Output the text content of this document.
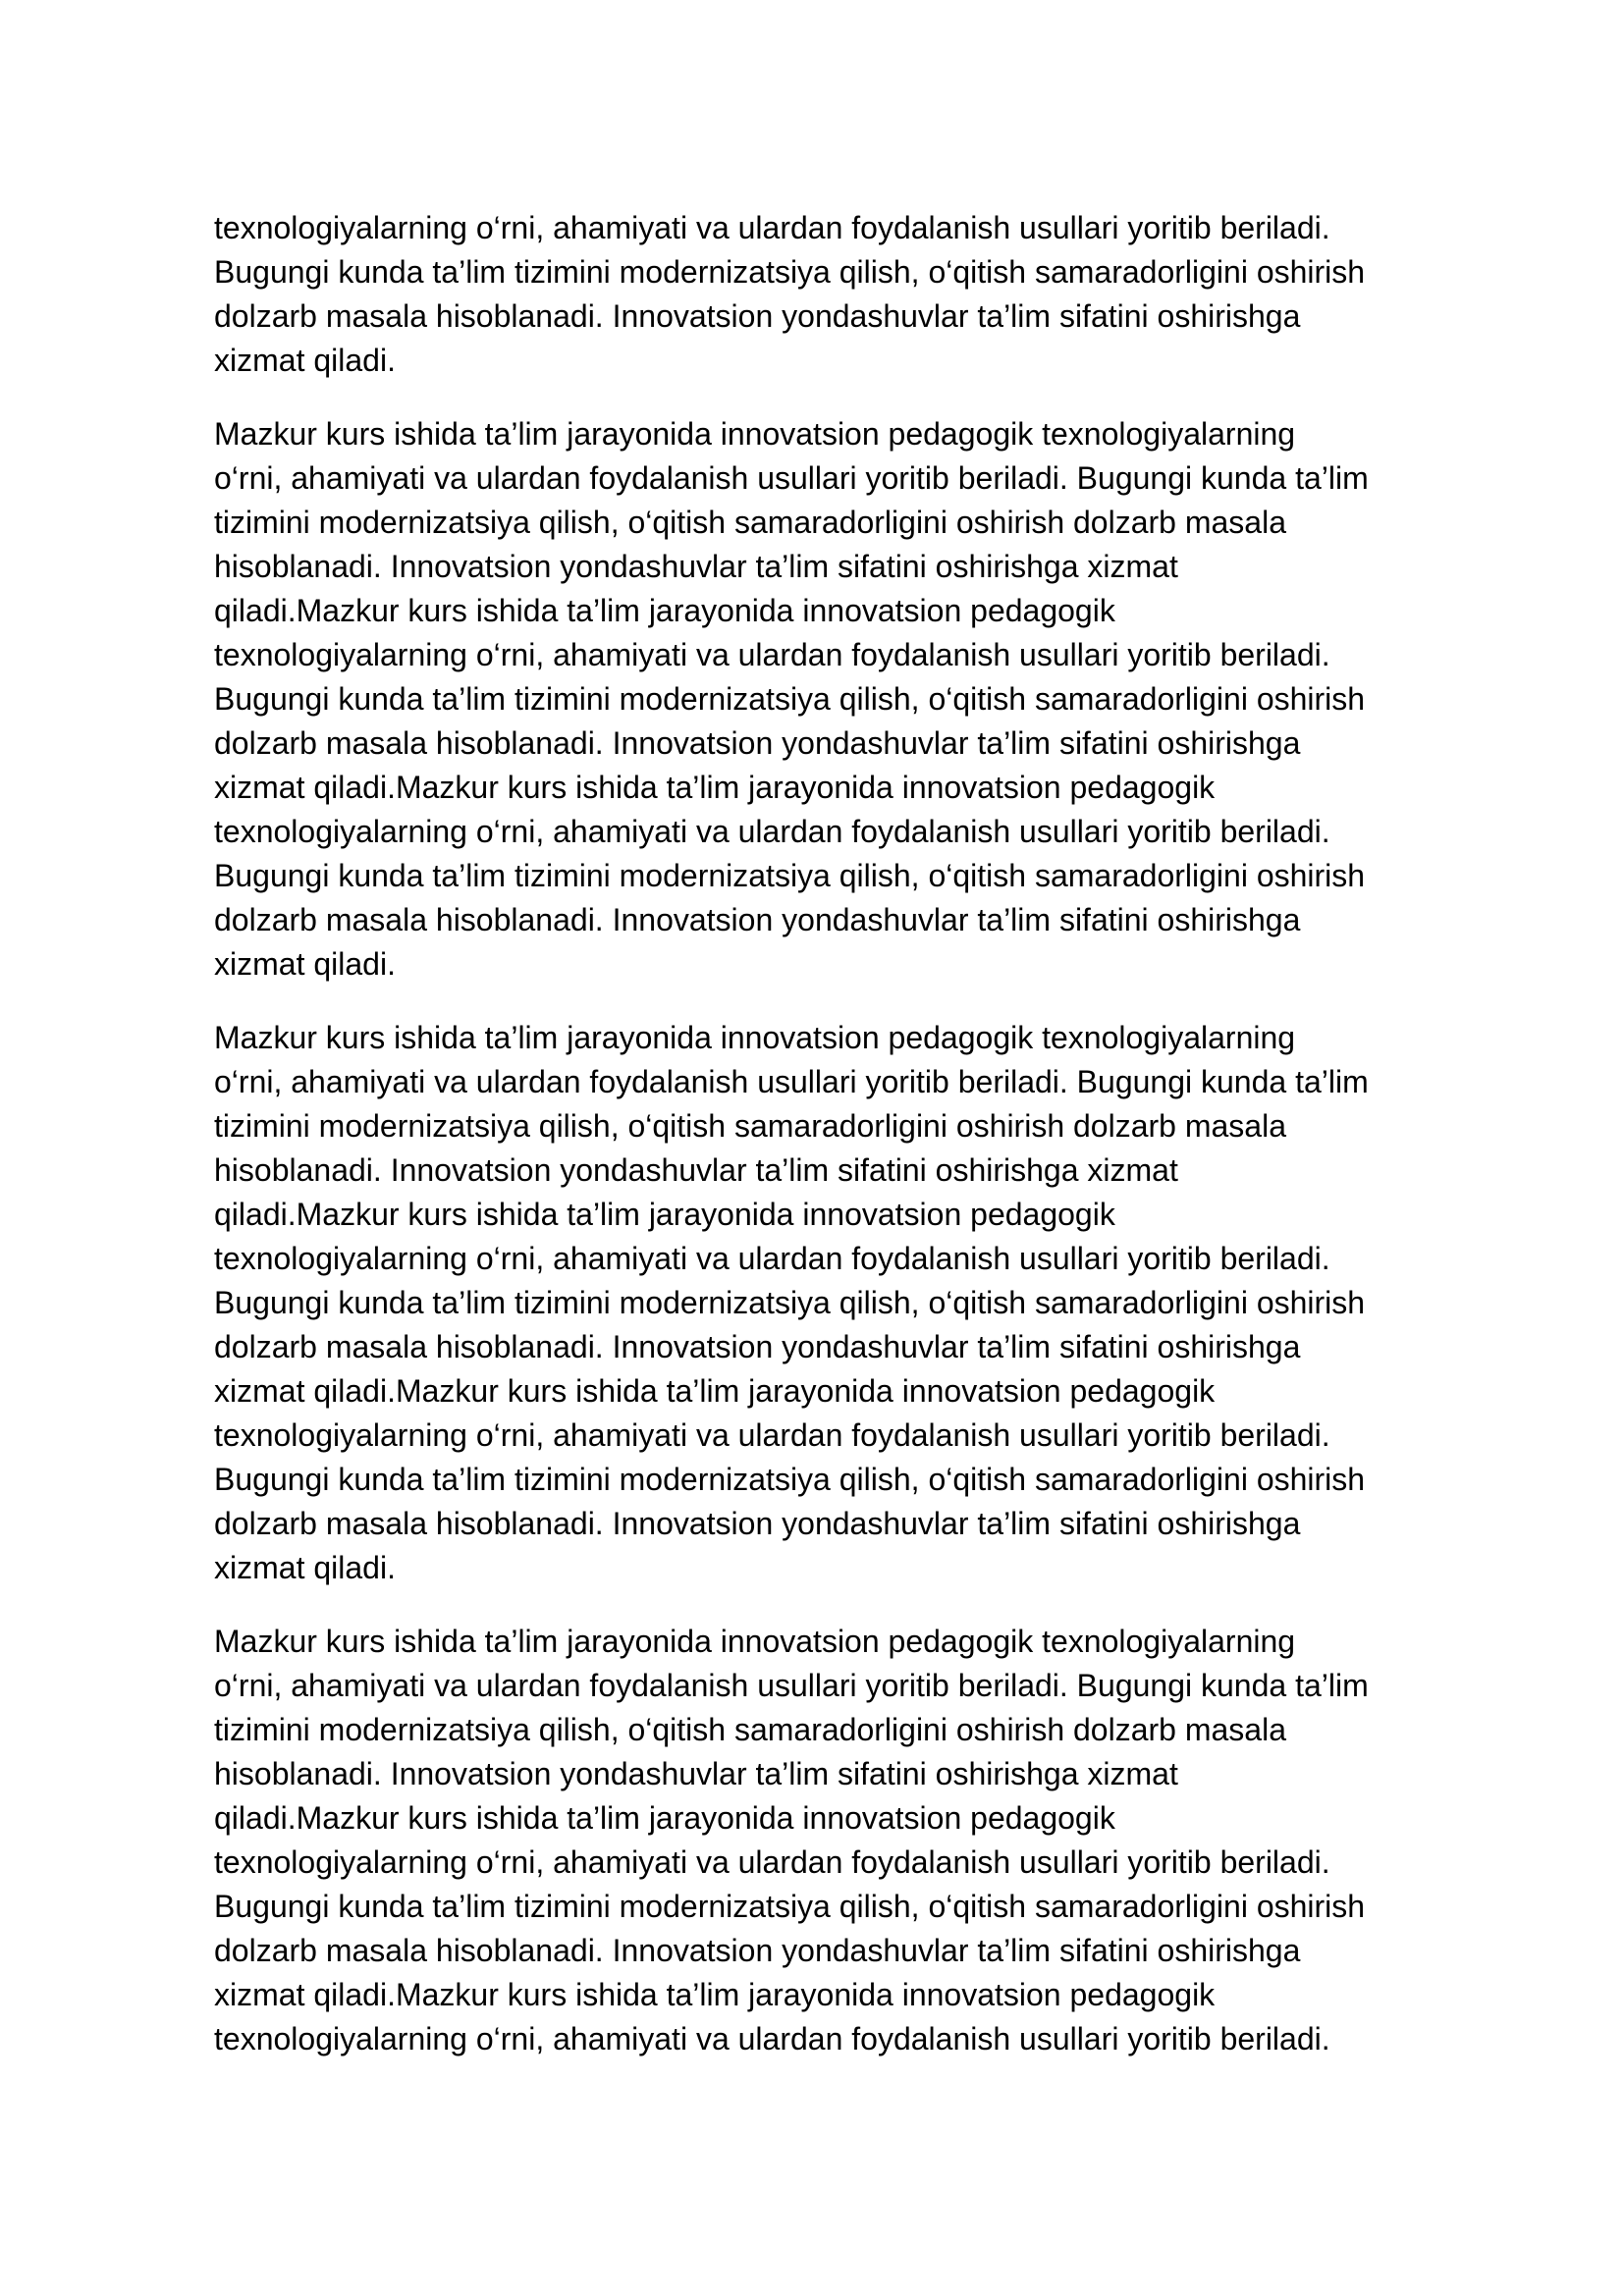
texnologiyalarning o‘rni, ahamiyati va ulardan foydalanish usullari yoritib beriladi.
Bugungi kunda ta’lim tizimini modernizatsiya qilish, o‘qitish samaradorligini oshirish
dolzarb masala hisoblanadi. Innovatsion yondashuvlar ta’lim sifatini oshirishga
xizmat qiladi.

Mazkur kurs ishida ta’lim jarayonida innovatsion pedagogik texnologiyalarning
o‘rni, ahamiyati va ulardan foydalanish usullari yoritib beriladi. Bugungi kunda ta’lim
tizimini modernizatsiya qilish, o‘qitish samaradorligini oshirish dolzarb masala
hisoblanadi. Innovatsion yondashuvlar ta’lim sifatini oshirishga xizmat
qiladi.Mazkur kurs ishida ta’lim jarayonida innovatsion pedagogik
texnologiyalarning o‘rni, ahamiyati va ulardan foydalanish usullari yoritib beriladi.
Bugungi kunda ta’lim tizimini modernizatsiya qilish, o‘qitish samaradorligini oshirish
dolzarb masala hisoblanadi. Innovatsion yondashuvlar ta’lim sifatini oshirishga
xizmat qiladi.Mazkur kurs ishida ta’lim jarayonida innovatsion pedagogik
texnologiyalarning o‘rni, ahamiyati va ulardan foydalanish usullari yoritib beriladi.
Bugungi kunda ta’lim tizimini modernizatsiya qilish, o‘qitish samaradorligini oshirish
dolzarb masala hisoblanadi. Innovatsion yondashuvlar ta’lim sifatini oshirishga
xizmat qiladi.

Mazkur kurs ishida ta’lim jarayonida innovatsion pedagogik texnologiyalarning
o‘rni, ahamiyati va ulardan foydalanish usullari yoritib beriladi. Bugungi kunda ta’lim
tizimini modernizatsiya qilish, o‘qitish samaradorligini oshirish dolzarb masala
hisoblanadi. Innovatsion yondashuvlar ta’lim sifatini oshirishga xizmat
qiladi.Mazkur kurs ishida ta’lim jarayonida innovatsion pedagogik
texnologiyalarning o‘rni, ahamiyati va ulardan foydalanish usullari yoritib beriladi.
Bugungi kunda ta’lim tizimini modernizatsiya qilish, o‘qitish samaradorligini oshirish
dolzarb masala hisoblanadi. Innovatsion yondashuvlar ta’lim sifatini oshirishga
xizmat qiladi.Mazkur kurs ishida ta’lim jarayonida innovatsion pedagogik
texnologiyalarning o‘rni, ahamiyati va ulardan foydalanish usullari yoritib beriladi.
Bugungi kunda ta’lim tizimini modernizatsiya qilish, o‘qitish samaradorligini oshirish
dolzarb masala hisoblanadi. Innovatsion yondashuvlar ta’lim sifatini oshirishga
xizmat qiladi.

Mazkur kurs ishida ta’lim jarayonida innovatsion pedagogik texnologiyalarning
o‘rni, ahamiyati va ulardan foydalanish usullari yoritib beriladi. Bugungi kunda ta’lim
tizimini modernizatsiya qilish, o‘qitish samaradorligini oshirish dolzarb masala
hisoblanadi. Innovatsion yondashuvlar ta’lim sifatini oshirishga xizmat
qiladi.Mazkur kurs ishida ta’lim jarayonida innovatsion pedagogik
texnologiyalarning o‘rni, ahamiyati va ulardan foydalanish usullari yoritib beriladi.
Bugungi kunda ta’lim tizimini modernizatsiya qilish, o‘qitish samaradorligini oshirish
dolzarb masala hisoblanadi. Innovatsion yondashuvlar ta’lim sifatini oshirishga
xizmat qiladi.Mazkur kurs ishida ta’lim jarayonida innovatsion pedagogik
texnologiyalarning o‘rni, ahamiyati va ulardan foydalanish usullari yoritib beriladi.
